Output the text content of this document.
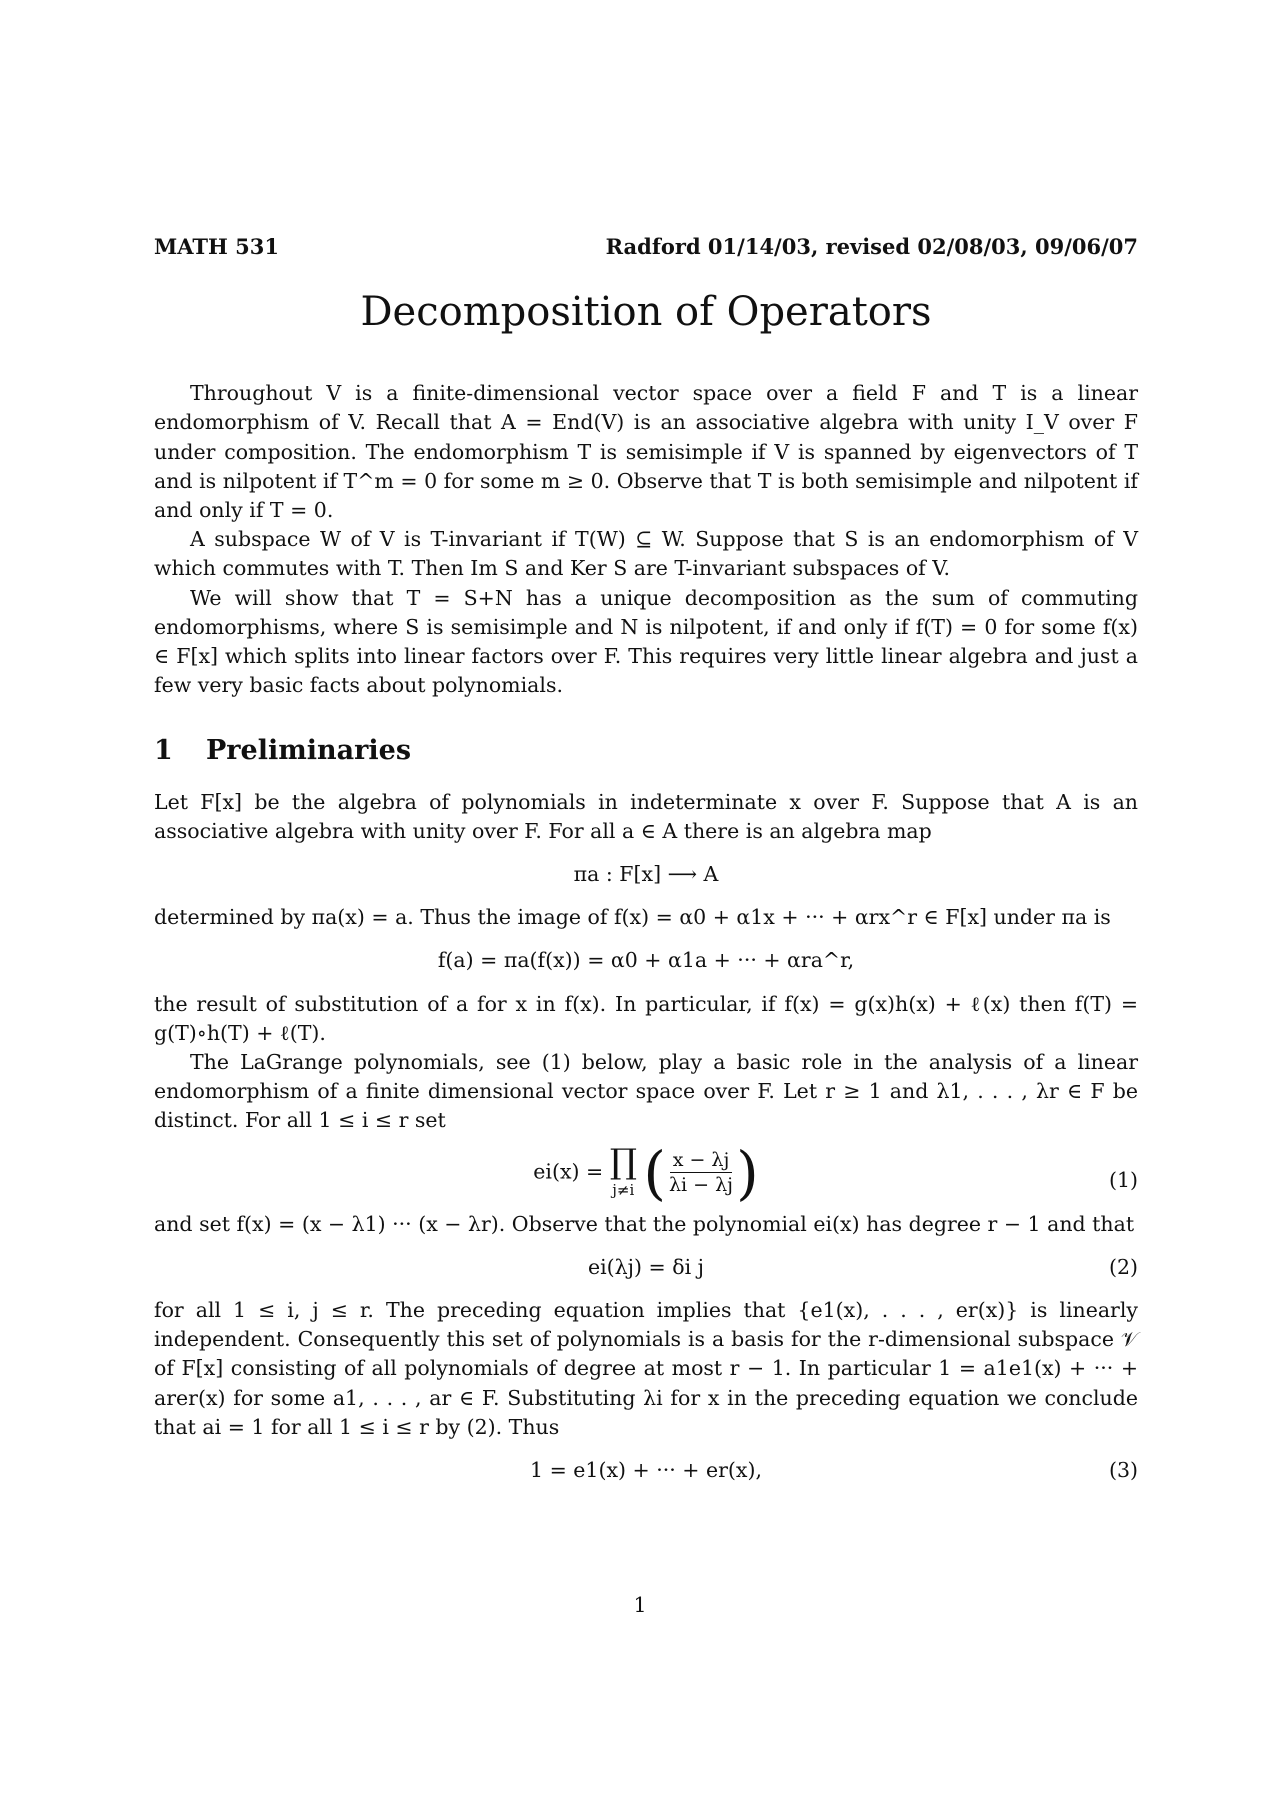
MATH 531	Radford 01/14/03, revised 02/08/03, 09/06/07
Decomposition of Operators

Throughout V is a finite-dimensional vector space over a field F and T is a linear endomorphism of V. Recall that A = End(V) is an associative algebra with unity I_V over F under composition. The endomorphism T is semisimple if V is spanned by eigenvectors of T and is nilpotent if T^m = 0 for some m ≥ 0. Observe that T is both semisimple and nilpotent if and only if T = 0.

A subspace W of V is T-invariant if T(W) ⊆ W. Suppose that S is an endomorphism of V which commutes with T. Then Im S and Ker S are T-invariant subspaces of V.

We will show that T = S+N has a unique decomposition as the sum of commuting endomorphisms, where S is semisimple and N is nilpotent, if and only if f(T) = 0 for some f(x) ∈ F[x] which splits into linear factors over F. This requires very little linear algebra and just a few very basic facts about polynomials.

1	Preliminaries

Let F[x] be the algebra of polynomials in indeterminate x over F. Suppose that A is an associative algebra with unity over F. For all a ∈ A there is an algebra map

πa : F[x] ⟶ A

determined by πa(x) = a. Thus the image of f(x) = α0 + α1x + ··· + αrx^r ∈ F[x] under πa is

f(a) = πa(f(x)) = α0 + α1a + ··· + αra^r,

the result of substitution of a for x in f(x). In particular, if f(x) = g(x)h(x) + ℓ(x) then f(T) = g(T)∘h(T) + ℓ(T).

The LaGrange polynomials, see (1) below, play a basic role in the analysis of a linear endomorphism of a finite dimensional vector space over F. Let r ≥ 1 and λ1, . . . , λr ∈ F be distinct. For all 1 ≤ i ≤ r set

ei(x) = ∏
j≠i
( $\frac{x - \lambda j}{\lambda i - \lambda j}$ )	(1)

and set f(x) = (x − λ1) ··· (x − λr). Observe that the polynomial ei(x) has degree r − 1 and that

ei(λj) = δi j	(2)

for all 1 ≤ i, j ≤ r. The preceding equation implies that {e1(x), . . . , er(x)} is linearly independent. Consequently this set of polynomials is a basis for the r-dimensional subspace 𝒱 of F[x] consisting of all polynomials of degree at most r − 1. In particular 1 = a1e1(x) + ··· + arer(x) for some a1, . . . , ar ∈ F. Substituting λi for x in the preceding equation we conclude that ai = 1 for all 1 ≤ i ≤ r by (2). Thus

1 = e1(x) + ··· + er(x),	(3)
1
